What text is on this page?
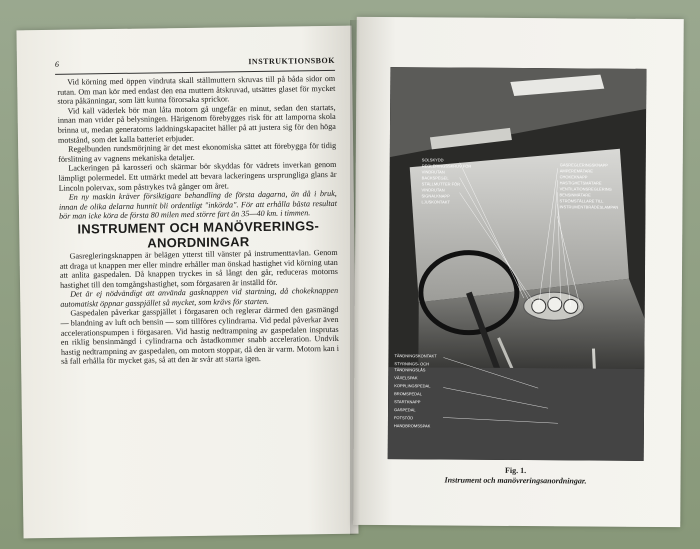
6	INSTRUKTIONSBOK

Vid körning med öppen vindruta skall ställmuttern skruvas till på båda sidor om rutan. Om man kör med endast den ena muttern åtskruvad, utsättes glaset för mycket stora påkänningar, som lätt kunna förorsaka sprickor.

Vid kall väderlek bör man låta motorn gå ungefär en minut, sedan den startats, innan man vrider på belysningen. Härigenom förebygges risk för att lamporna skola brinna ut, medan generatorns laddningskapacitet häller på att justera sig för den höga motstånd, som det kalla batteriet erbjuder.

Regelbunden rundsmörjning är det mest ekonomiska sättet att förebygga för tidig förslitning av vagnens mekaniska detaljer.

Lackeringen på karosseri och skärmar bör skyddas för vädrets inverkan genom lämpligt polermedel. Ett utmärkt medel att bevara lackeringens ursprungliga glans är Lincoln polervax, som påstrykes två gånger om året.

En ny maskin kräver försiktigare behandling de första dagarna, än då i bruk, innan de olika delarna hunnit bli ordentligt "inkörda". För att erhålla bästa resultat bör man icke köra de första 80 milen med större fart än 35—40 km. i timmen.

INSTRUMENT OCH MANÖVRERINGS-ANORDNINGAR

Gasregleringsknappen är belägen ytterst till vänster på instrumenttavlan. Genom att draga ut knappen mer eller mindre erhåller man önskad hastighet vid körning utan att anlita gaspedalen. Då knappen tryckes in så långt den går, reduceras motorns hastighet till den tomgångshastighet, som förgasaren är inställd för.

Det är ej nödvändigt att använda gasknappen vid startning, då chokeknappen automatiskt öppnar gasspjället så mycket, som krävs för starten.

Gaspedalen påverkar gasspjället i förgasaren och reglerar därmed den gasmängd — blandning av luft och bensin — som tillföres cylindrarna. Vid pedal påverkar även accelerationspumpen i förgasaren. Vid hastig nedtrampning av gaspedalen insprutas en riklig bensinmängd i cylindrarna och åstadkommer snabb acceleration. Undvik hastig nedtrampning av gaspedalen, om motorn stoppar, då den är varm. Motorn kan i så fall erhålla för mycket gas, så att den är svår att starta igen.

SOLSKYDD
REGLERINGSSKRUV FÖR
VINDRUTAN
BACKSPEGEL
STÄLLMUTTER FÖR
VINDRUTAN
SIGNALKNAPP
LJUSKONTAKT
GASREGLERINGSKNAPP
AMPEREMÄTARE
CHOKEKNAPP
HASTIGHETSMÄTARE
VENTILATIONSREGLERING
BENSINMÄTARE
STRÖMSTÄLLARE TILL
INSTRUMENTBRÄDESLAMPAN
TÄNDNINGSKONTAKT
STYRNINGS- OCH
TÄNDNINGSLÅS
VÄXELSPAK
KOPPLINGSPEDAL
BROMSPEDAL
STARTKNAPP
GASPEDAL
FOTSTÖD
HANDBROMSSPAK
Fig. 1.
Instrument och manövreringsanordningar.
